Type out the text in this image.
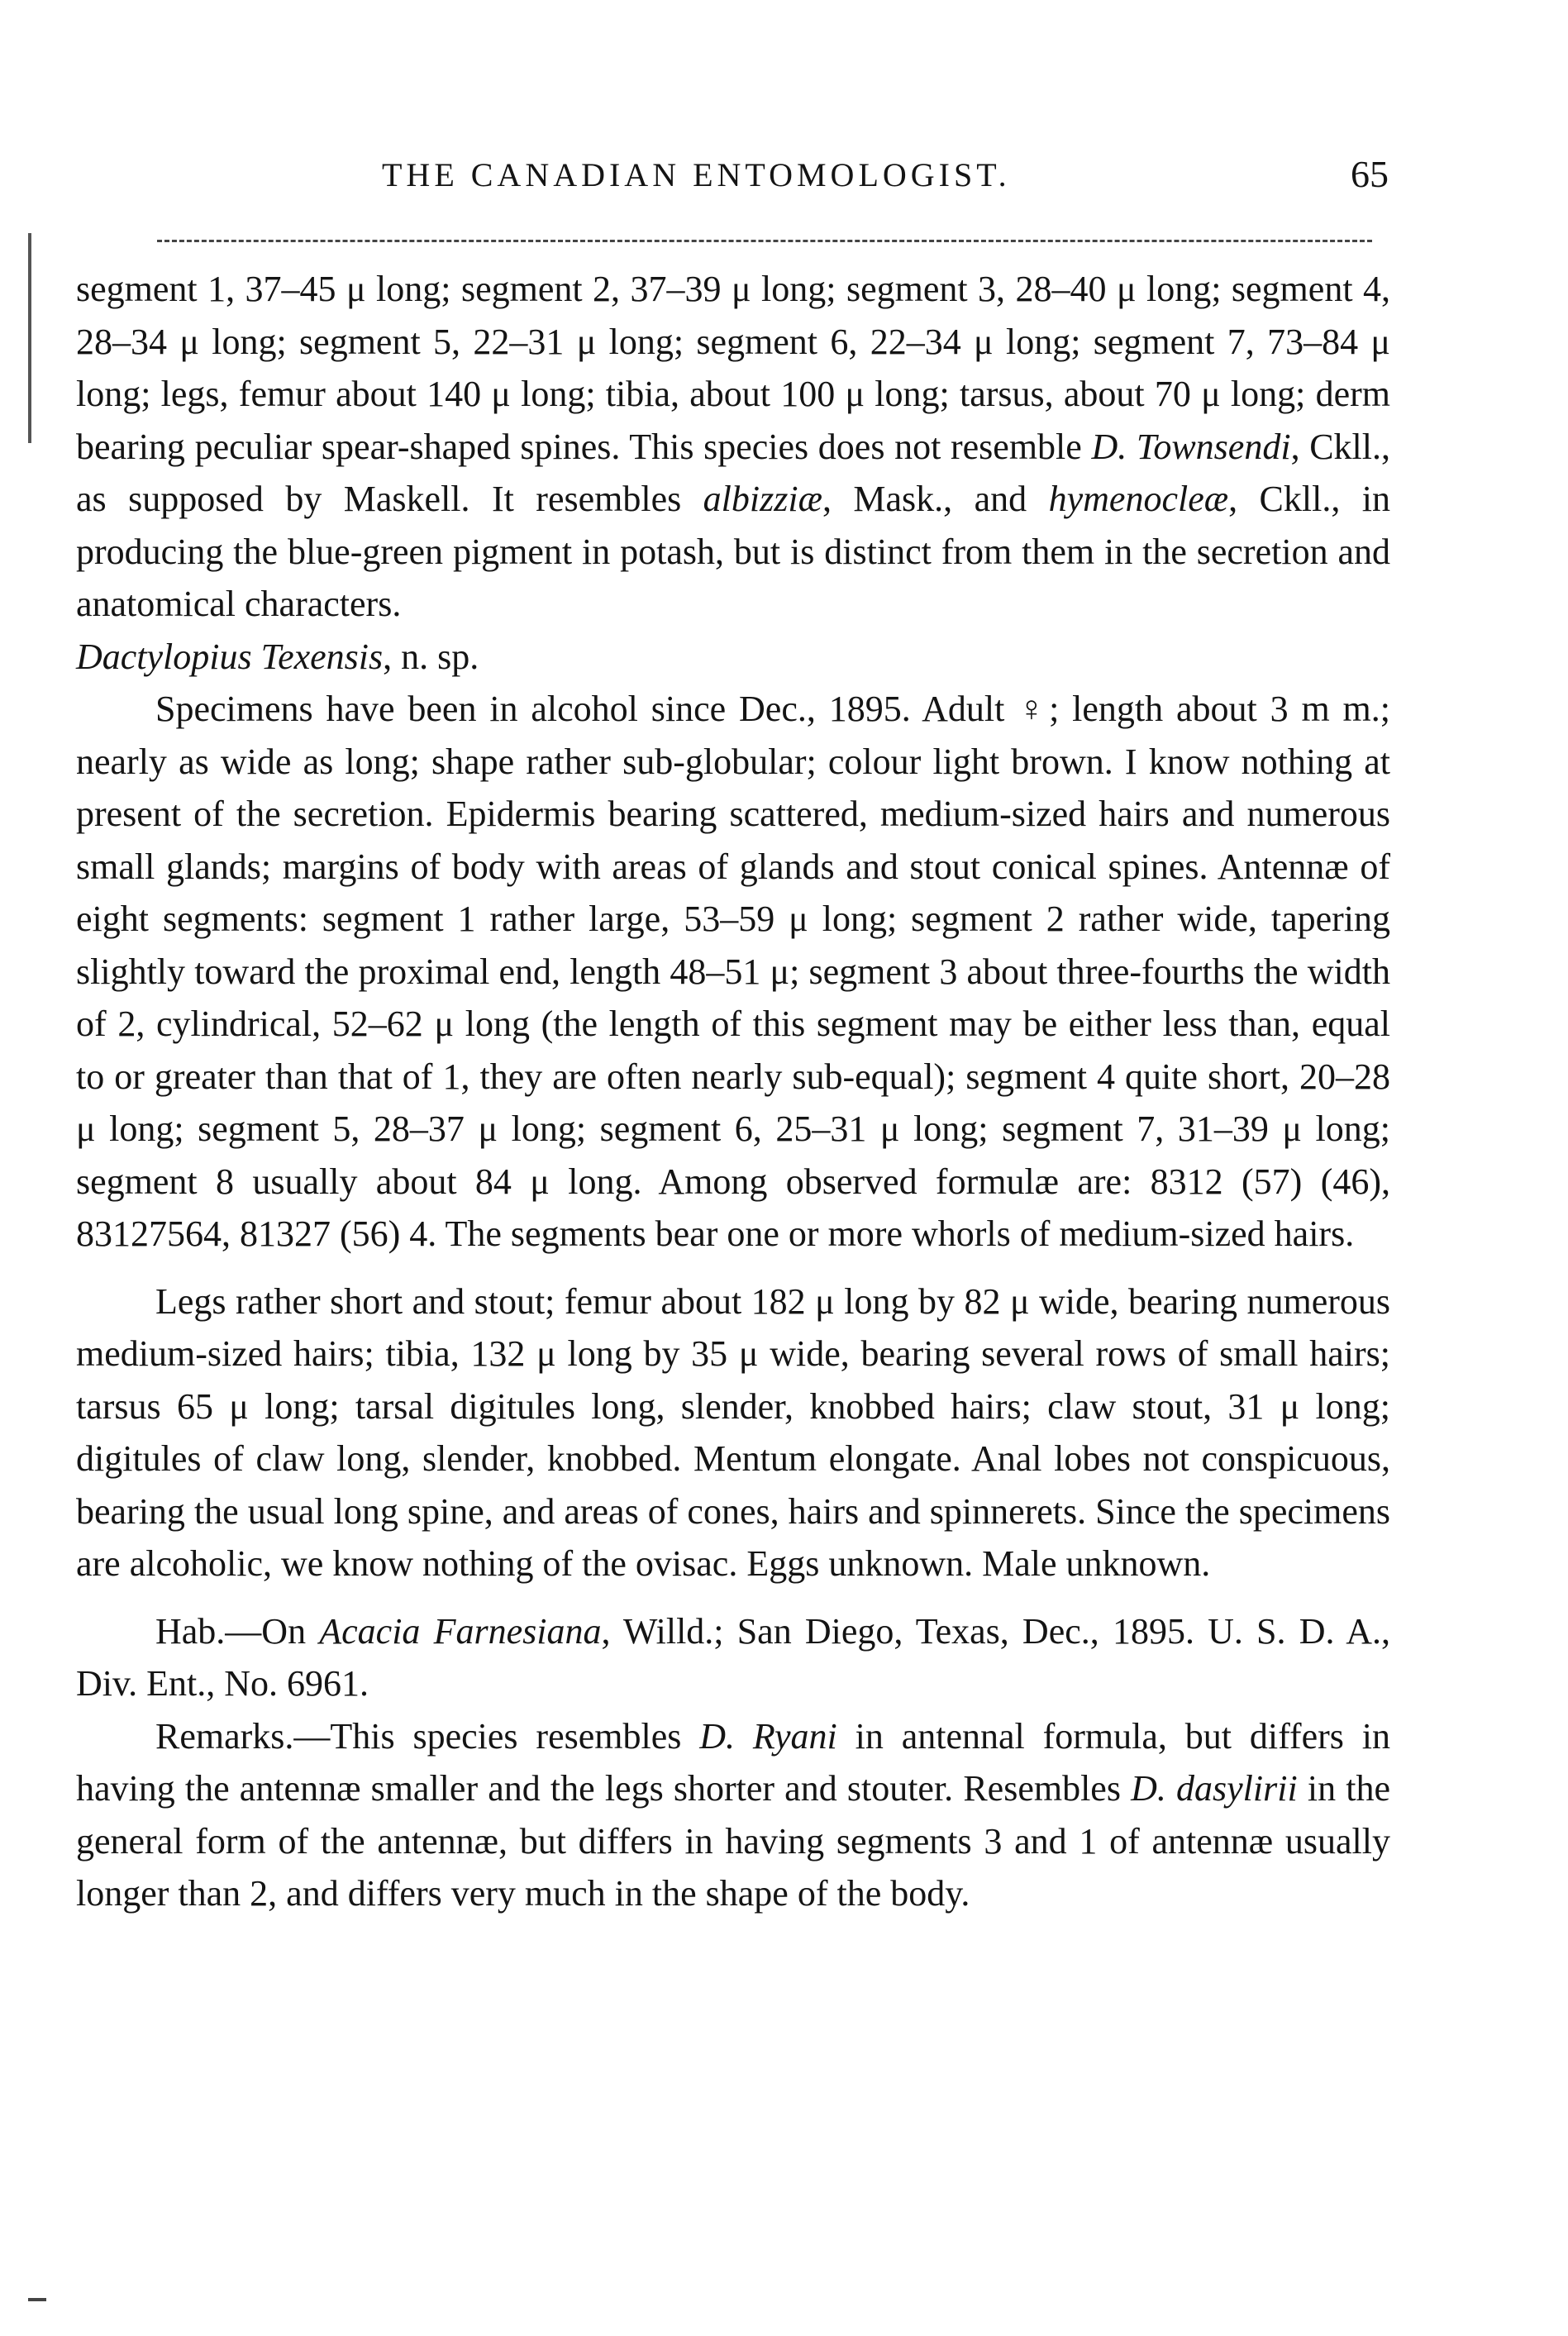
THE CANADIAN ENTOMOLOGIST.	65

segment 1, 37–45 μ long; segment 2, 37–39 μ long; segment 3, 28–40 μ long; segment 4, 28–34 μ long; segment 5, 22–31 μ long; segment 6, 22–34 μ long; segment 7, 73–84 μ long; legs, femur about 140 μ long; tibia, about 100 μ long; tarsus, about 70 μ long; derm bearing peculiar spear-shaped spines. This species does not resemble D. Townsendi, Ckll., as supposed by Maskell. It resembles albizziæ, Mask., and hymenocleæ, Ckll., in producing the blue-green pigment in potash, but is distinct from them in the secretion and anatomical characters.

Dactylopius Texensis, n. sp.

Specimens have been in alcohol since Dec., 1895. Adult ♀; length about 3 m m.; nearly as wide as long; shape rather sub-globular; colour light brown. I know nothing at present of the secretion. Epidermis bearing scattered, medium-sized hairs and numerous small glands; margins of body with areas of glands and stout conical spines. Antennæ of eight segments: segment 1 rather large, 53–59 μ long; segment 2 rather wide, tapering slightly toward the proximal end, length 48–51 μ; segment 3 about three-fourths the width of 2, cylindrical, 52–62 μ long (the length of this segment may be either less than, equal to or greater than that of 1, they are often nearly sub-equal); segment 4 quite short, 20–28 μ long; segment 5, 28–37 μ long; segment 6, 25–31 μ long; segment 7, 31–39 μ long; segment 8 usually about 84 μ long. Among observed formulæ are: 8312 (57) (46), 83127564, 81327 (56) 4. The segments bear one or more whorls of medium-sized hairs.

Legs rather short and stout; femur about 182 μ long by 82 μ wide, bearing numerous medium-sized hairs; tibia, 132 μ long by 35 μ wide, bearing several rows of small hairs; tarsus 65 μ long; tarsal digitules long, slender, knobbed hairs; claw stout, 31 μ long; digitules of claw long, slender, knobbed. Mentum elongate. Anal lobes not conspicuous, bearing the usual long spine, and areas of cones, hairs and spinnerets. Since the specimens are alcoholic, we know nothing of the ovisac. Eggs unknown. Male unknown.

Hab.—On Acacia Farnesiana, Willd.; San Diego, Texas, Dec., 1895. U. S. D. A., Div. Ent., No. 6961.

Remarks.—This species resembles D. Ryani in antennal formula, but differs in having the antennæ smaller and the legs shorter and stouter. Resembles D. dasylirii in the general form of the antennæ, but differs in having segments 3 and 1 of antennæ usually longer than 2, and differs very much in the shape of the body.
